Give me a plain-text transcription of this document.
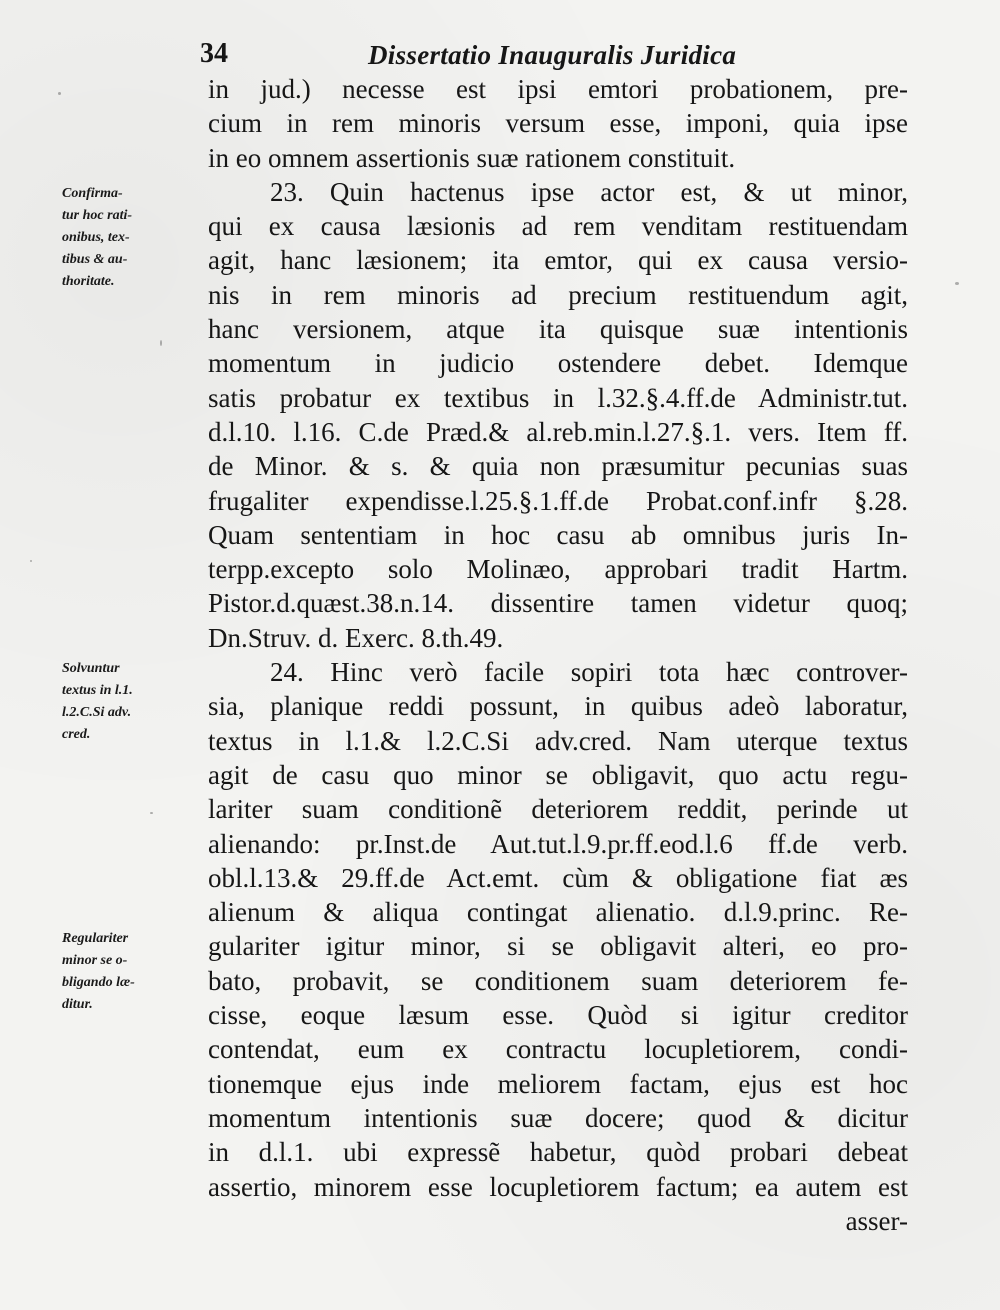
34	Dissertatio Inauguralis Juridica
Confirma-
tur hoc rati-
onibus, tex-
tibus & au-
thoritate.
Solvuntur
textus in l.1.
l.2.C.Si adv.
cred.
Regulariter
minor se o-
bligando læ-
ditur.
in jud.) necesse est ipsi emtori probationem, pre-
cium in rem minoris versum esse, imponi, quia ipse
in eo omnem assertionis suæ rationem constituit.
23. Quin hactenus ipse actor est, & ut minor,
qui ex causa læsionis ad rem venditam restituendam
agit, hanc læsionem; ita emtor, qui ex causa versio-
nis in rem minoris ad precium restituendum agit,
hanc versionem, atque ita quisque suæ intentionis
momentum in judicio ostendere debet. Idemque
satis probatur ex textibus in l.32.§.4.ff.de Administr.tut.
d.l.10. l.16. C.de Præd.& al.reb.min.l.27.§.1. vers. Item ff.
de Minor. & s. & quia non præsumitur pecunias suas
frugaliter expendisse.l.25.§.1.ff.de Probat.conf.infr §.28.
Quam sententiam in hoc casu ab omnibus juris In-
terpp.excepto solo Molinæo, approbari tradit Hartm.
Pistor.d.quæst.38.n.14. dissentire tamen videtur quoq;
Dn.Struv. d. Exerc. 8.th.49.
24. Hinc verò facile sopiri tota hæc controver-
sia, planique reddi possunt, in quibus adeò laboratur,
textus in l.1.& l.2.C.Si adv.cred. Nam uterque textus
agit de casu quo minor se obligavit, quo actu regu-
lariter suam conditionẽ deteriorem reddit, perinde ut
alienando: pr.Inst.de Aut.tut.l.9.pr.ff.eod.l.6 ff.de verb.
obl.l.13.& 29.ff.de Act.emt. cùm & obligatione fiat æs
alienum & aliqua contingat alienatio. d.l.9.princ. Re-
gulariter igitur minor, si se obligavit alteri, eo pro-
bato, probavit, se conditionem suam deteriorem fe-
cisse, eoque læsum esse. Quòd si igitur creditor
contendat, eum ex contractu locupletiorem, condi-
tionemque ejus inde meliorem factam, ejus est hoc
momentum intentionis suæ docere; quod & dicitur
in d.l.1. ubi expressẽ habetur, quòd probari debeat
assertio, minorem esse locupletiorem factum; ea autem est
asser-
